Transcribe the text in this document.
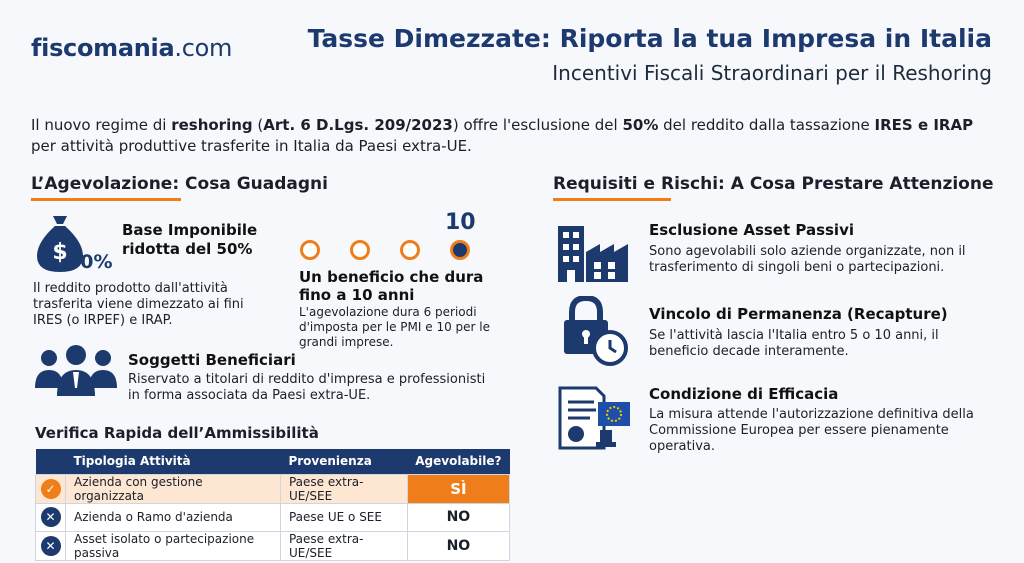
fiscomania.com	Tasse Dimezzate: Riporta la tua Impresa in Italia
Incentivi Fiscali Straordinari per il Reshoring
Il nuovo regime di reshoring (Art. 6 D.Lgs. 209/2023) offre l'esclusione del 50% del reddito dalla tassazione IRES e IRAP per attività produttive trasferite in Italia da Paesi extra-UE.
L’Agevolazione: Cosa Guadagni
$ 50%
Base Imponibile ridotta del 50%
Il reddito prodotto dall'attività trasferita viene dimezzato ai fini IRES (o IRPEF) e IRAP.
10
Un beneficio che dura fino a 10 anni
L'agevolazione dura 6 periodi d'imposta per le PMI e 10 per le grandi imprese.
Soggetti Beneficiari
Riservato a titolari di reddito d'impresa e professionisti in forma associata da Paesi extra-UE.
Verifica Rapida dell’Ammissibilità
	Tipologia Attività	Provenienza	Agevolabile?
✓	Azienda con gestione organizzata	Paese extra-UE/SEE	SÌ
✕	Azienda o Ramo d'azienda	Paese UE o SEE	NO
✕	Asset isolato o partecipazione passiva	Paese extra-UE/SEE	NO
Requisiti e Rischi: A Cosa Prestare Attenzione
Esclusione Asset Passivi
Sono agevolabili solo aziende organizzate, non il trasferimento di singoli beni o partecipazioni.
Vincolo di Permanenza (Recapture)
Se l'attività lascia l'Italia entro 5 o 10 anni, il beneficio decade interamente.
Condizione di Efficacia
La misura attende l'autorizzazione definitiva della Commissione Europea per essere pienamente operativa.
